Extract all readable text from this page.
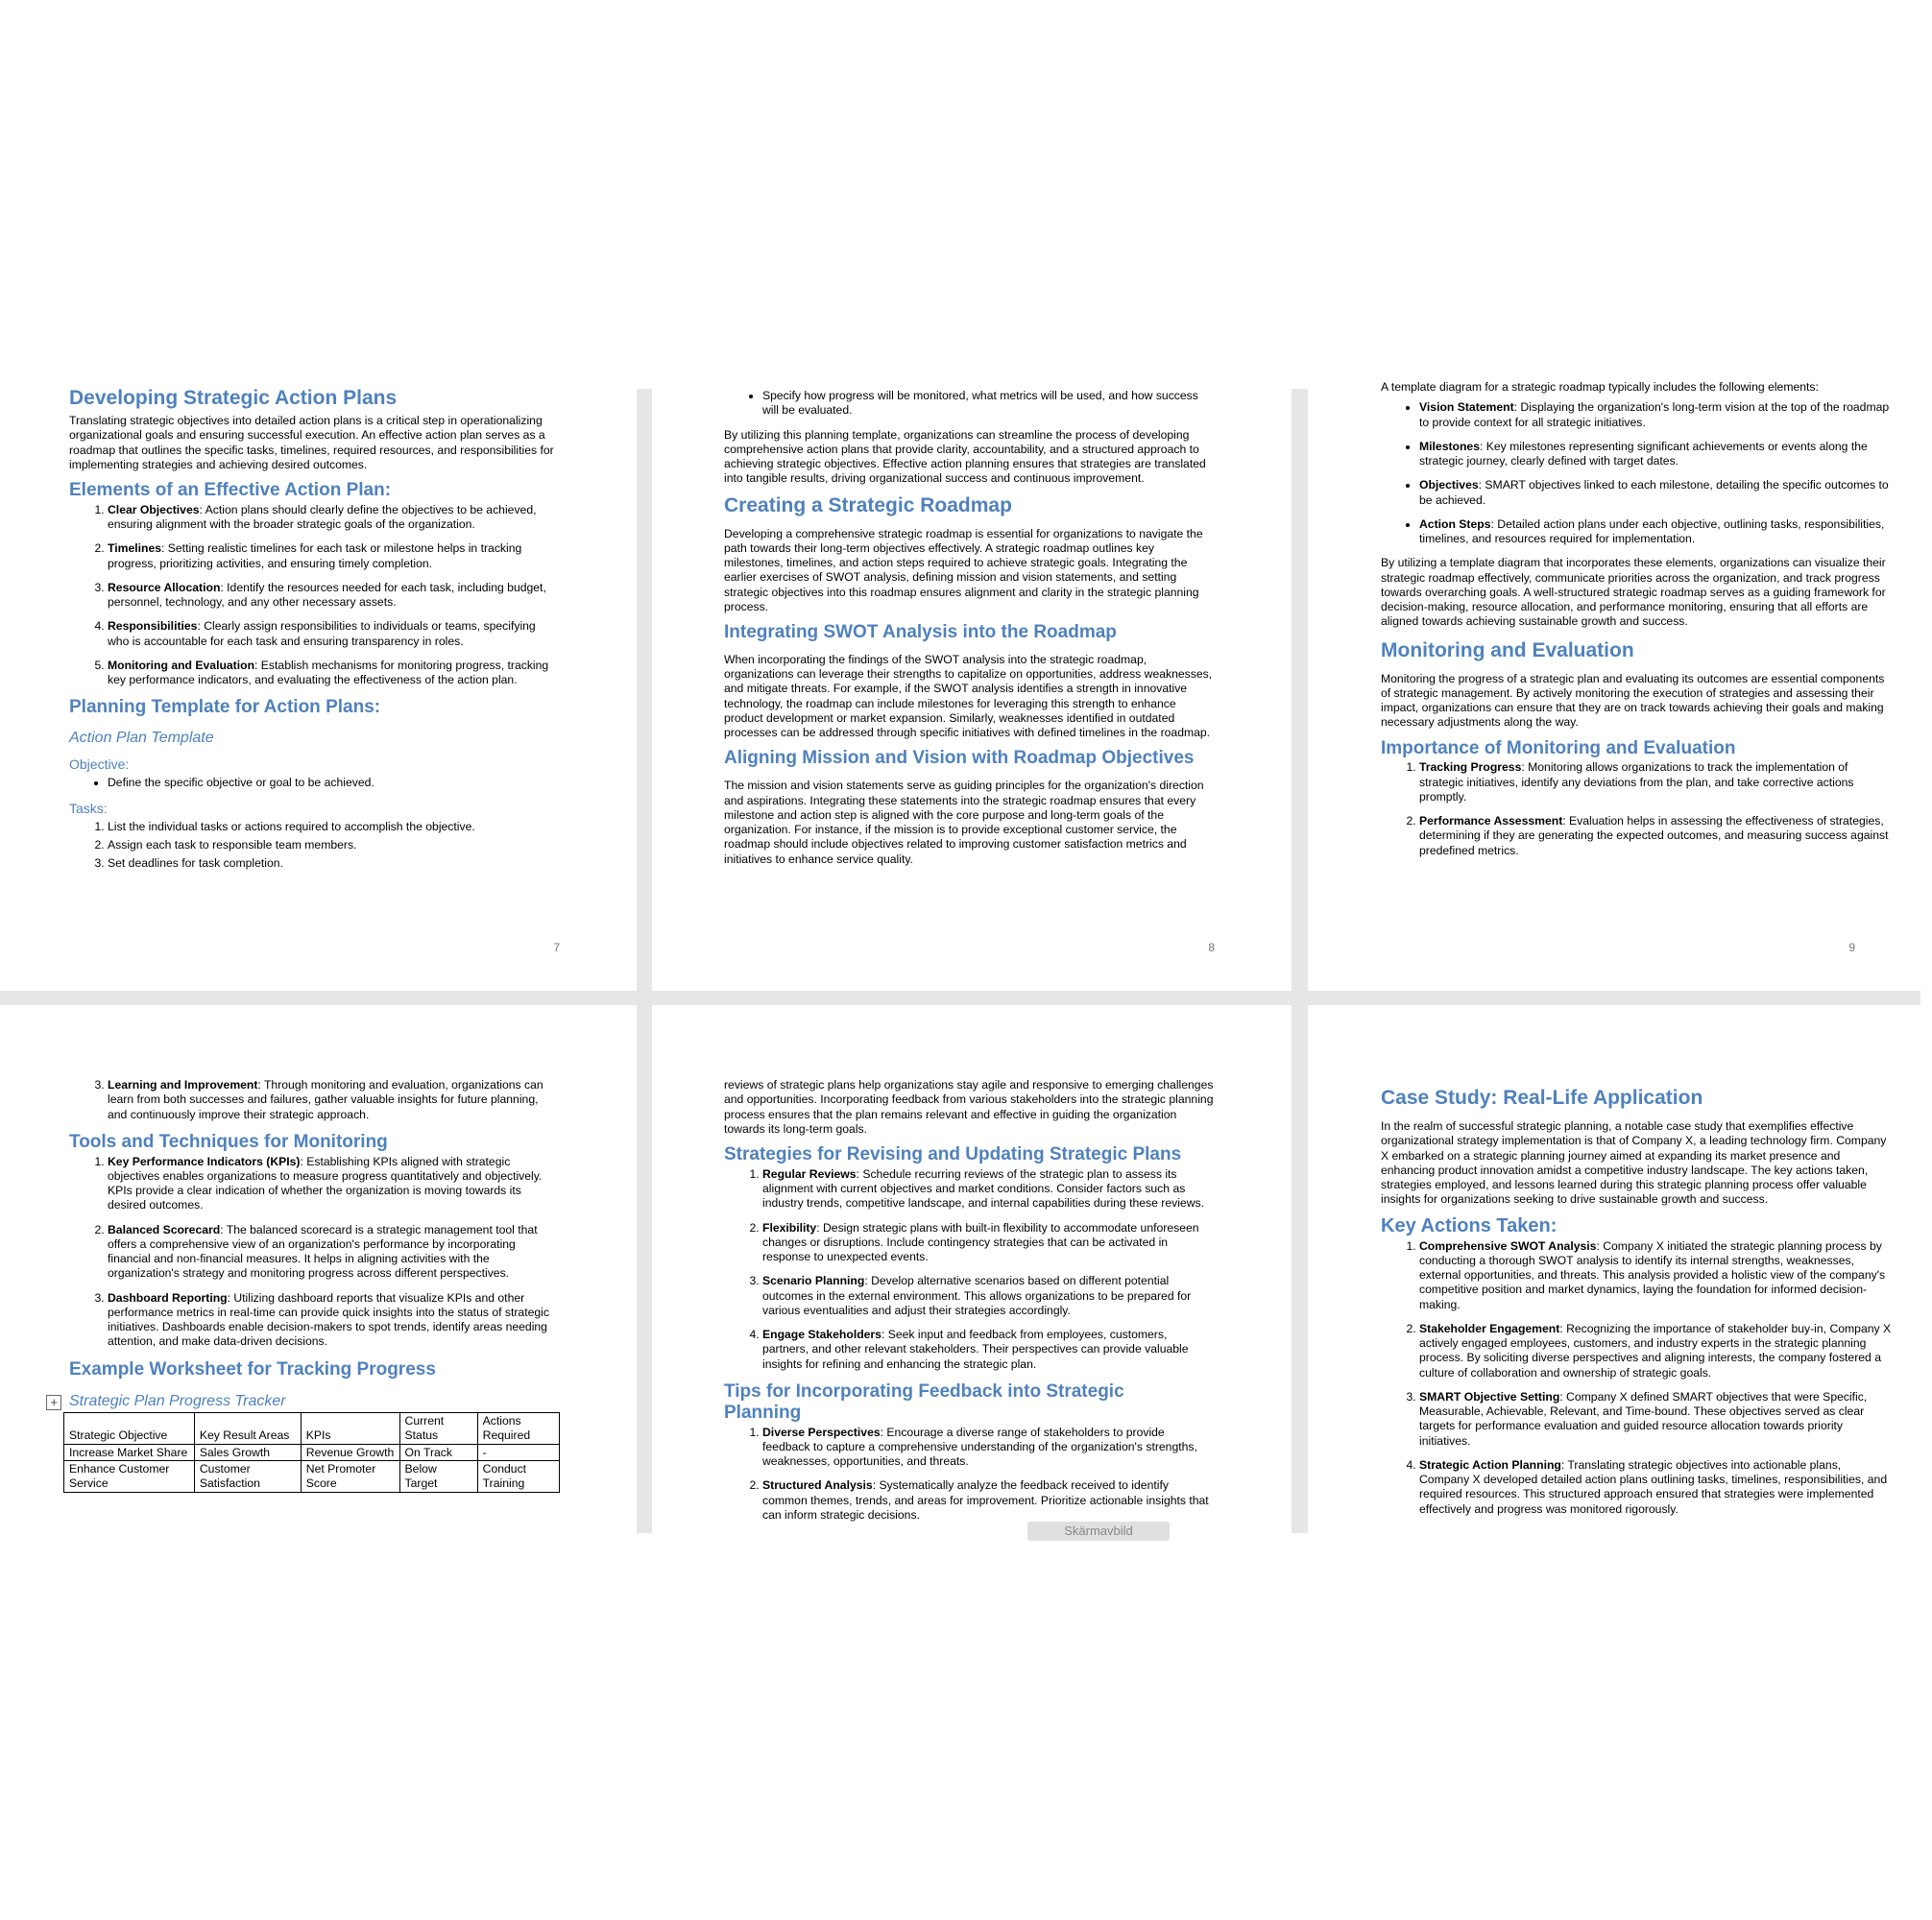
Developing Strategic Action Plans

Translating strategic objectives into detailed action plans is a critical step in operationalizing organizational goals and ensuring successful execution. An effective action plan serves as a roadmap that outlines the specific tasks, timelines, required resources, and responsibilities for implementing strategies and achieving desired outcomes.

Elements of an Effective Action Plan:
1. Clear Objectives: Action plans should clearly define the objectives to be achieved, ensuring alignment with the broader strategic goals of the organization.
2. Timelines: Setting realistic timelines for each task or milestone helps in tracking progress, prioritizing activities, and ensuring timely completion.
3. Resource Allocation: Identify the resources needed for each task, including budget, personnel, technology, and any other necessary assets.
4. Responsibilities: Clearly assign responsibilities to individuals or teams, specifying who is accountable for each task and ensuring transparency in roles.
5. Monitoring and Evaluation: Establish mechanisms for monitoring progress, tracking key performance indicators, and evaluating the effectiveness of the action plan.
Planning Template for Action Plans:
Action Plan Template
Objective:
• Define the specific objective or goal to be achieved.
Tasks:
1. List the individual tasks or actions required to accomplish the objective.
2. Assign each task to responsible team members.
3. Set deadlines for task completion.
7
• Specify how progress will be monitored, what metrics will be used, and how success will be evaluated.

By utilizing this planning template, organizations can streamline the process of developing comprehensive action plans that provide clarity, accountability, and a structured approach to achieving strategic objectives. Effective action planning ensures that strategies are translated into tangible results, driving organizational success and continuous improvement.

Creating a Strategic Roadmap

Developing a comprehensive strategic roadmap is essential for organizations to navigate the path towards their long-term objectives effectively. A strategic roadmap outlines key milestones, timelines, and action steps required to achieve strategic goals. Integrating the earlier exercises of SWOT analysis, defining mission and vision statements, and setting strategic objectives into this roadmap ensures alignment and clarity in the strategic planning process.

Integrating SWOT Analysis into the Roadmap

When incorporating the findings of the SWOT analysis into the strategic roadmap, organizations can leverage their strengths to capitalize on opportunities, address weaknesses, and mitigate threats. For example, if the SWOT analysis identifies a strength in innovative technology, the roadmap can include milestones for leveraging this strength to enhance product development or market expansion. Similarly, weaknesses identified in outdated processes can be addressed through specific initiatives with defined timelines in the roadmap.

Aligning Mission and Vision with Roadmap Objectives

The mission and vision statements serve as guiding principles for the organization's direction and aspirations. Integrating these statements into the strategic roadmap ensures that every milestone and action step is aligned with the core purpose and long-term goals of the organization. For instance, if the mission is to provide exceptional customer service, the roadmap should include objectives related to improving customer satisfaction metrics and initiatives to enhance service quality.

8

A template diagram for a strategic roadmap typically includes the following elements:

• Vision Statement: Displaying the organization's long-term vision at the top of the roadmap to provide context for all strategic initiatives.
• Milestones: Key milestones representing significant achievements or events along the strategic journey, clearly defined with target dates.
• Objectives: SMART objectives linked to each milestone, detailing the specific outcomes to be achieved.
• Action Steps: Detailed action plans under each objective, outlining tasks, responsibilities, timelines, and resources required for implementation.

By utilizing a template diagram that incorporates these elements, organizations can visualize their strategic roadmap effectively, communicate priorities across the organization, and track progress towards overarching goals. A well-structured strategic roadmap serves as a guiding framework for decision-making, resource allocation, and performance monitoring, ensuring that all efforts are aligned towards achieving sustainable growth and success.

Monitoring and Evaluation

Monitoring the progress of a strategic plan and evaluating its outcomes are essential components of strategic management. By actively monitoring the execution of strategies and assessing their impact, organizations can ensure that they are on track towards achieving their goals and making necessary adjustments along the way.

Importance of Monitoring and Evaluation
1. Tracking Progress: Monitoring allows organizations to track the implementation of strategic initiatives, identify any deviations from the plan, and take corrective actions promptly.
2. Performance Assessment: Evaluation helps in assessing the effectiveness of strategies, determining if they are generating the expected outcomes, and measuring success against predefined metrics.
9
3. Learning and Improvement: Through monitoring and evaluation, organizations can learn from both successes and failures, gather valuable insights for future planning, and continuously improve their strategic approach.
Tools and Techniques for Monitoring
1. Key Performance Indicators (KPIs): Establishing KPIs aligned with strategic objectives enables organizations to measure progress quantitatively and objectively. KPIs provide a clear indication of whether the organization is moving towards its desired outcomes.
2. Balanced Scorecard: The balanced scorecard is a strategic management tool that offers a comprehensive view of an organization's performance by incorporating financial and non-financial measures. It helps in aligning activities with the organization's strategy and monitoring progress across different perspectives.
3. Dashboard Reporting: Utilizing dashboard reports that visualize KPIs and other performance metrics in real-time can provide quick insights into the status of strategic initiatives. Dashboards enable decision-makers to spot trends, identify areas needing attention, and make data-driven decisions.
Example Worksheet for Tracking Progress
+ Strategic Plan Progress Tracker
Strategic Objective	Key Result Areas	KPIs	Current Status	Actions Required
Increase Market Share	Sales Growth	Revenue Growth	On Track	-
Enhance Customer Service	Customer Satisfaction	Net Promoter Score	Below Target	Conduct Training

reviews of strategic plans help organizations stay agile and responsive to emerging challenges and opportunities. Incorporating feedback from various stakeholders into the strategic planning process ensures that the plan remains relevant and effective in guiding the organization towards its long-term goals.

Strategies for Revising and Updating Strategic Plans
1. Regular Reviews: Schedule recurring reviews of the strategic plan to assess its alignment with current objectives and market conditions. Consider factors such as industry trends, competitive landscape, and internal capabilities during these reviews.
2. Flexibility: Design strategic plans with built-in flexibility to accommodate unforeseen changes or disruptions. Include contingency strategies that can be activated in response to unexpected events.
3. Scenario Planning: Develop alternative scenarios based on different potential outcomes in the external environment. This allows organizations to be prepared for various eventualities and adjust their strategies accordingly.
4. Engage Stakeholders: Seek input and feedback from employees, customers, partners, and other relevant stakeholders. Their perspectives can provide valuable insights for refining and enhancing the strategic plan.
Tips for Incorporating Feedback into Strategic Planning
1. Diverse Perspectives: Encourage a diverse range of stakeholders to provide feedback to capture a comprehensive understanding of the organization's strengths, weaknesses, opportunities, and threats.
2. Structured Analysis: Systematically analyze the feedback received to identify common themes, trends, and areas for improvement. Prioritize actionable insights that can inform strategic decisions.
Case Study: Real-Life Application

In the realm of successful strategic planning, a notable case study that exemplifies effective organizational strategy implementation is that of Company X, a leading technology firm. Company X embarked on a strategic planning journey aimed at expanding its market presence and enhancing product innovation amidst a competitive industry landscape. The key actions taken, strategies employed, and lessons learned during this strategic planning process offer valuable insights for organizations seeking to drive sustainable growth and success.

Key Actions Taken:
1. Comprehensive SWOT Analysis: Company X initiated the strategic planning process by conducting a thorough SWOT analysis to identify its internal strengths, weaknesses, external opportunities, and threats. This analysis provided a holistic view of the company's competitive position and market dynamics, laying the foundation for informed decision-making.
2. Stakeholder Engagement: Recognizing the importance of stakeholder buy-in, Company X actively engaged employees, customers, and industry experts in the strategic planning process. By soliciting diverse perspectives and aligning interests, the company fostered a culture of collaboration and ownership of strategic goals.
3. SMART Objective Setting: Company X defined SMART objectives that were Specific, Measurable, Achievable, Relevant, and Time-bound. These objectives served as clear targets for performance evaluation and guided resource allocation towards priority initiatives.
4. Strategic Action Planning: Translating strategic objectives into actionable plans, Company X developed detailed action plans outlining tasks, timelines, responsibilities, and required resources. This structured approach ensured that strategies were implemented effectively and progress was monitored rigorously.
Skärmavbild
